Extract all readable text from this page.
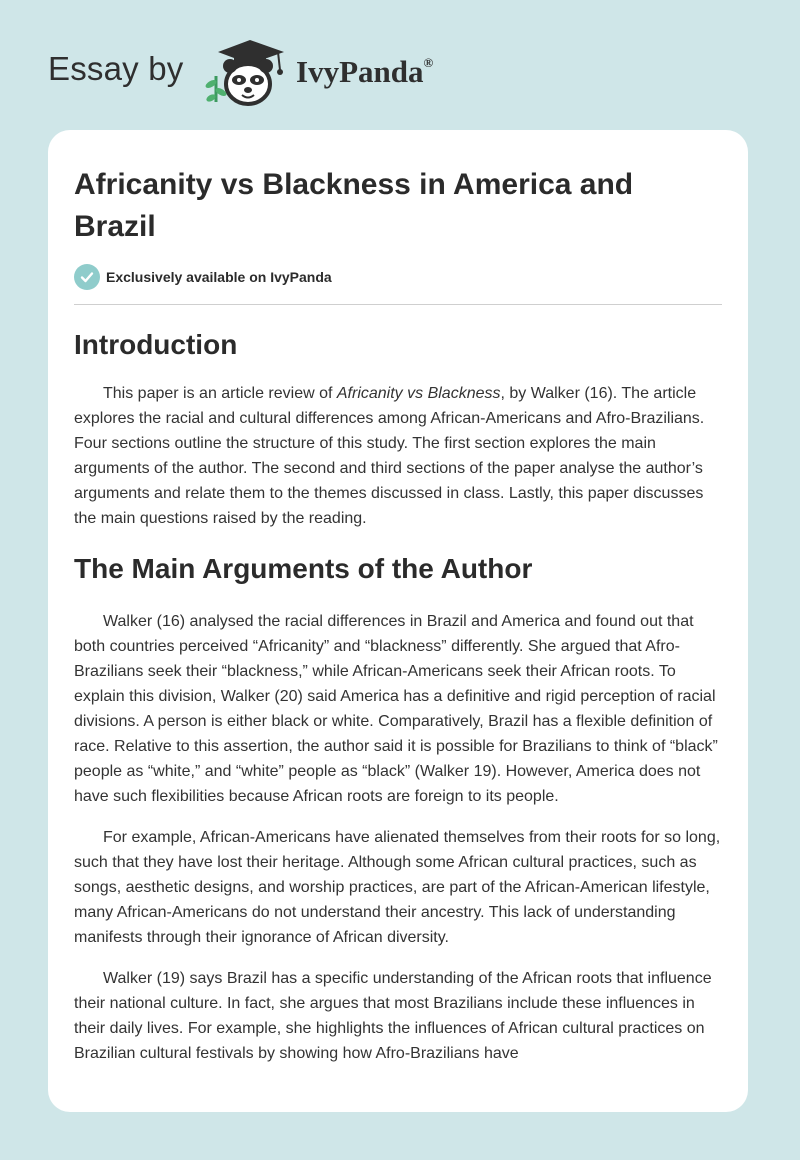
Essay by	IvyPanda®
Africanity vs Blackness in America and Brazil
Exclusively available on IvyPanda
Introduction

This paper is an article review of Africanity vs Blackness, by Walker (16). The article explores the racial and cultural differences among African-Americans and Afro-Brazilians. Four sections outline the structure of this study. The first section explores the main arguments of the author. The second and third sections of the paper analyse the author’s arguments and relate them to the themes discussed in class. Lastly, this paper discusses the main questions raised by the reading.

The Main Arguments of the Author

Walker (16) analysed the racial differences in Brazil and America and found out that both countries perceived “Africanity” and “blackness” differently. She argued that Afro-Brazilians seek their “blackness,” while African-Americans seek their African roots. To explain this division, Walker (20) said America has a definitive and rigid perception of racial divisions. A person is either black or white. Comparatively, Brazil has a flexible definition of race. Relative to this assertion, the author said it is possible for Brazilians to think of “black” people as “white,” and “white” people as “black” (Walker 19). However, America does not have such flexibilities because African roots are foreign to its people.

For example, African-Americans have alienated themselves from their roots for so long, such that they have lost their heritage. Although some African cultural practices, such as songs, aesthetic designs, and worship practices, are part of the African-American lifestyle, many African-Americans do not understand their ancestry. This lack of understanding manifests through their ignorance of African diversity.

Walker (19) says Brazil has a specific understanding of the African roots that influence their national culture. In fact, she argues that most Brazilians include these influences in their daily lives. For example, she highlights the influences of African cultural practices on Brazilian cultural festivals by showing how Afro-Brazilians have
